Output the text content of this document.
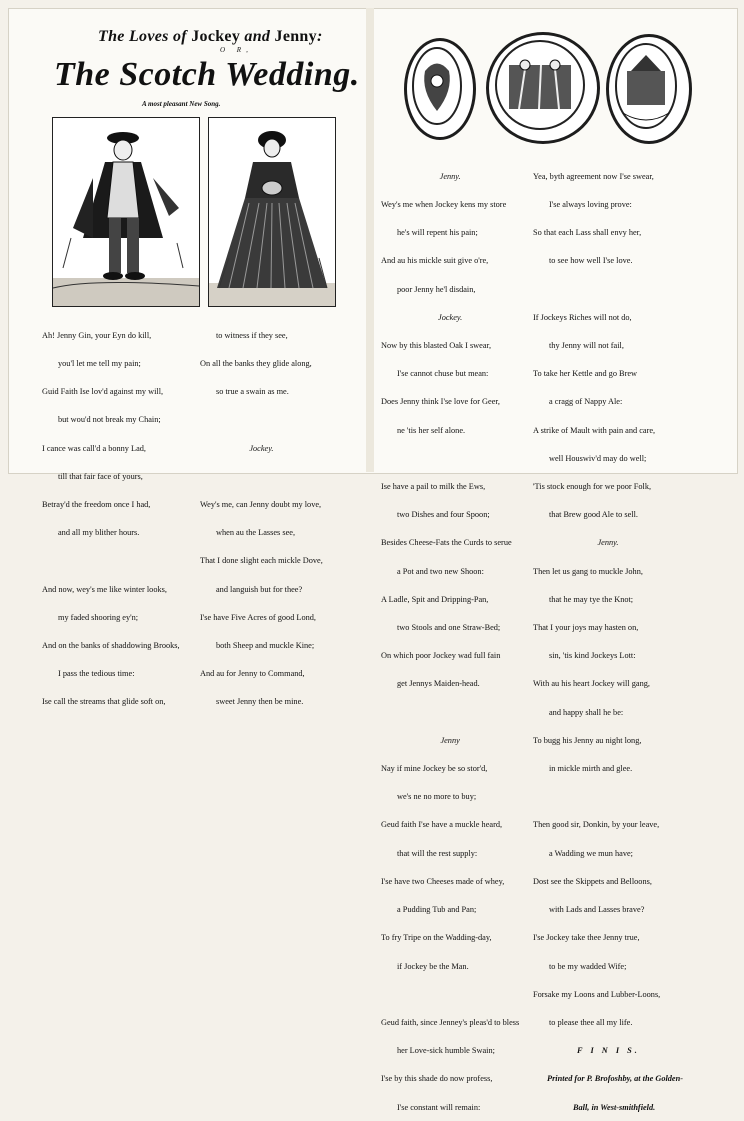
The Loves of Jockey and Jenny:
O R,
The Scotch Wedding.
A most pleasant New Song.

Ah! Jenny Gin, your Eyn do kill,

you'l let me tell my pain;

Guid Faith Ise lov'd against my will,

but wou'd not break my Chain;

I cance was call'd a bonny Lad,

till that fair face of yours,

Betray'd the freedom once I had,

and all my blither hours.

And now, wey's me like winter looks,

my faded shooring ey'n;

And on the banks of shaddowing Brooks,

I pass the tedious time:

Ise call the streams that glide soft on,

to witness if they see,

On all the banks they glide along,

so true a swain as me.

Jockey.

Wey's me, can Jenny doubt my love,

when au the Lasses see,

That I done slight each mickle Dove,

and languish but for thee?

I'se have Five Acres of good Lond,

both Sheep and muckle Kine;

And au for Jenny to Command,

sweet Jenny then be mine.

Jenny.

Wey's me when Jockey kens my store

he's will repent his pain;

And au his mickle suit give o're,

poor Jenny he'l disdain,

Jockey.

Now by this blasted Oak I swear,

I'se cannot chuse but mean:

Does Jenny think I'se love for Geer,

ne 'tis her self alone.

Ise have a pail to milk the Ews,

two Dishes and four Spoon;

Besides Cheese-Fats the Curds to serue

a Pot and two new Shoon:

A Ladle, Spit and Dripping-Pan,

two Stools and one Straw-Bed;

On which poor Jockey wad full fain

get Jennys Maiden-head.

Jenny

Nay if mine Jockey be so stor'd,

we's ne no more to buy;

Geud faith I'se have a muckle heard,

that will the rest supply:

I'se have two Cheeses made of whey,

a Pudding Tub and Pan;

To fry Tripe on the Wadding-day,

if Jockey be the Man.

Geud faith, since Jenney's pleas'd to bless

her Love-sick humble Swain;

I'se by this shade do now profess,

I'se constant will remain:

Yea, byth agreement now I'se swear,

I'se always loving prove:

So that each Lass shall envy her,

to see how well I'se love.

If Jockeys Riches will not do,

thy Jenny will not fail,

To take her Kettle and go Brew

a cragg of Nappy Ale:

A strike of Mault with pain and care,

well Houswiv'd may do well;

'Tis stock enough for we poor Folk,

that Brew good Ale to sell.

Jenny.

Then let us gang to muckle John,

that he may tye the Knot;

That I your joys may hasten on,

sin, 'tis kind Jockeys Lott:

With au his heart Jockey will gang,

and happy shall he be:

To bugg his Jenny au night long,

in mickle mirth and glee.

Then good sir, Donkin, by your leave,

a Wadding we mun have;

Dost see the Skippets and Belloons,

with Lads and Lasses brave?

I'se Jockey take thee Jenny true,

to be my wadded Wife;

Forsake my Loons and Lubber-Loons,

to please thee all my life.

F I N I S.

Printed for P. Brofoshby, at the Golden-

Ball, in West-smithfield.
